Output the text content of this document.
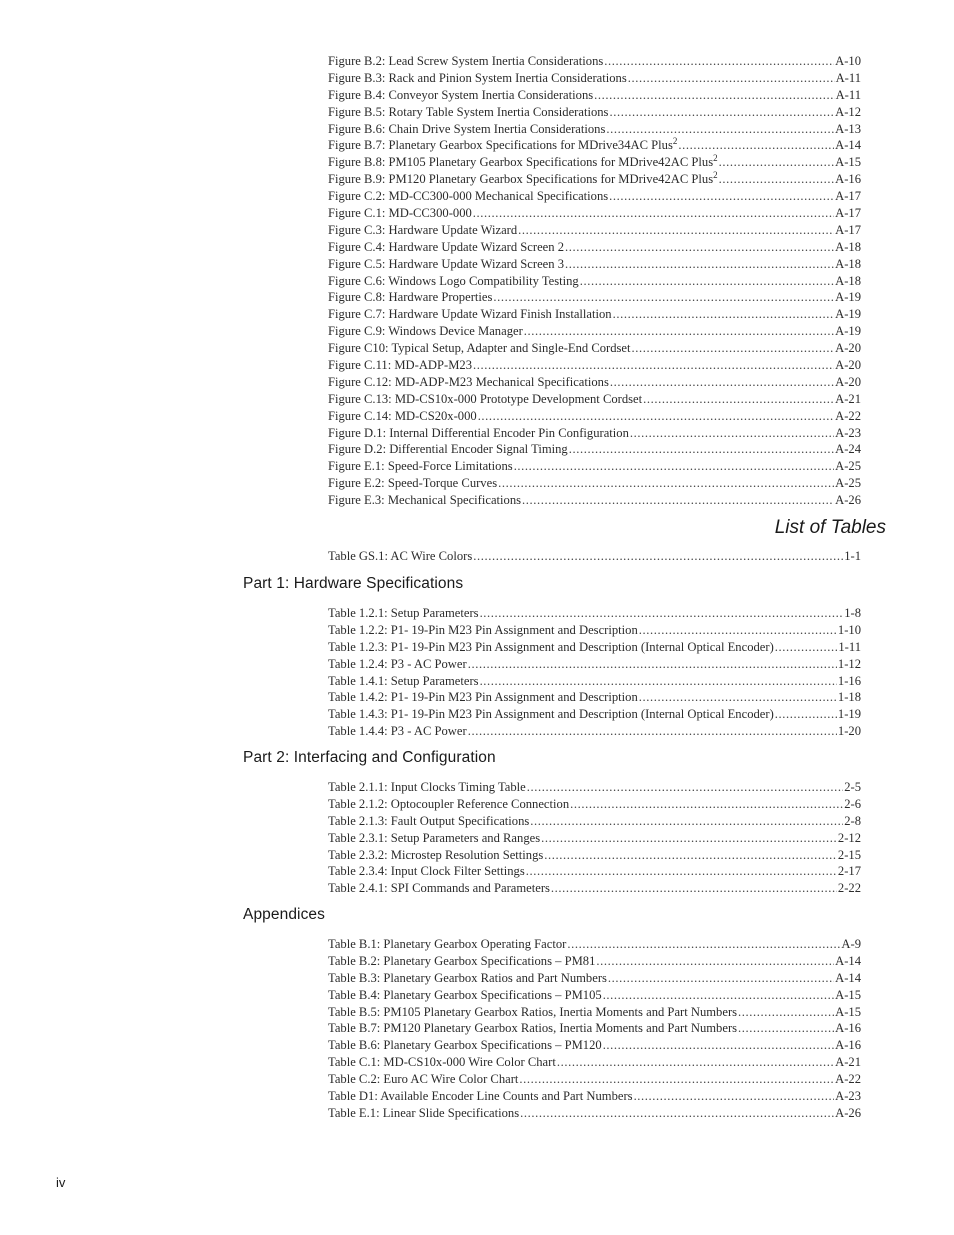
Figure B.2: Lead Screw System Inertia Considerations .....	A-10
Figure B.3: Rack and Pinion System Inertia Considerations .....	A-11
Figure B.4: Conveyor System Inertia Considerations .....	A-11
Figure B.5: Rotary Table System Inertia Considerations .....	A-12
Figure B.6: Chain Drive System Inertia Considerations .....	A-13
Figure B.7: Planetary Gearbox Specifications for MDrive34AC Plus$^2$ .....	A-14
Figure B.8: PM105 Planetary Gearbox Specifications for MDrive42AC Plus$^2$ .....	A-15
Figure B.9: PM120 Planetary Gearbox Specifications for MDrive42AC Plus$^2$ .....	A-16
Figure C.2: MD-CC300-000 Mechanical Specifications .....	A-17
Figure C.1: MD-CC300-000 .....	A-17
Figure C.3: Hardware Update Wizard .....	A-17
Figure C.4: Hardware Update Wizard Screen 2 .....	A-18
Figure C.5: Hardware Update Wizard Screen 3 .....	A-18
Figure C.6: Windows Logo Compatibility Testing .....	A-18
Figure C.8: Hardware Properties .....	A-19
Figure C.7: Hardware Update Wizard Finish Installation .....	A-19
Figure C.9: Windows Device Manager .....	A-19
Figure C10: Typical Setup, Adapter and Single-End Cordset .....	A-20
Figure C.11: MD-ADP-M23 .....	A-20
Figure C.12: MD-ADP-M23 Mechanical Specifications .....	A-20
Figure C.13: MD-CS10x-000 Prototype Development Cordset .....	A-21
Figure C.14: MD-CS20x-000 .....	A-22
Figure D.1: Internal Differential Encoder Pin Configuration .....	A-23
Figure D.2: Differential Encoder Signal Timing .....	A-24
Figure E.1: Speed-Force Limitations .....	A-25
Figure E.2: Speed-Torque Curves .....	A-25
Figure E.3: Mechanical Specifications .....	A-26
List of Tables
Table GS.1: AC Wire Colors .....	1-1
Part 1: Hardware Specifications
Table 1.2.1: Setup Parameters .....	1-8
Table 1.2.2: P1- 19-Pin M23 Pin Assignment and Description .....	1-10
Table 1.2.3: P1- 19-Pin M23 Pin Assignment and Description (Internal Optical Encoder) .....	1-11
Table 1.2.4: P3 - AC Power .....	1-12
Table 1.4.1: Setup Parameters .....	1-16
Table 1.4.2: P1- 19-Pin M23 Pin Assignment and Description .....	1-18
Table 1.4.3: P1- 19-Pin M23 Pin Assignment and Description (Internal Optical Encoder) .....	1-19
Table 1.4.4: P3 - AC Power .....	1-20
Part 2: Interfacing and Configuration
Table 2.1.1: Input Clocks Timing Table .....	2-5
Table 2.1.2: Optocoupler Reference Connection .....	2-6
Table 2.1.3: Fault Output Specifications .....	2-8
Table 2.3.1: Setup Parameters and Ranges .....	2-12
Table 2.3.2: Microstep Resolution Settings .....	2-15
Table 2.3.4: Input Clock Filter Settings .....	2-17
Table 2.4.1: SPI Commands and Parameters .....	2-22
Appendices
Table B.1: Planetary Gearbox Operating Factor .....	A-9
Table B.2: Planetary Gearbox Specifications – PM81 .....	A-14
Table B.3: Planetary Gearbox Ratios and Part Numbers .....	A-14
Table B.4: Planetary Gearbox Specifications – PM105 .....	A-15
Table B.5: PM105 Planetary Gearbox Ratios, Inertia Moments and Part Numbers .....	A-15
Table B.7: PM120 Planetary Gearbox Ratios, Inertia Moments and Part Numbers .....	A-16
Table B.6: Planetary Gearbox Specifications – PM120 .....	A-16
Table C.1: MD-CS10x-000 Wire Color Chart .....	A-21
Table C.2: Euro AC Wire Color Chart .....	A-22
Table D1: Available Encoder Line Counts and Part Numbers .....	A-23
Table E.1: Linear Slide Specifications .....	A-26
iv
